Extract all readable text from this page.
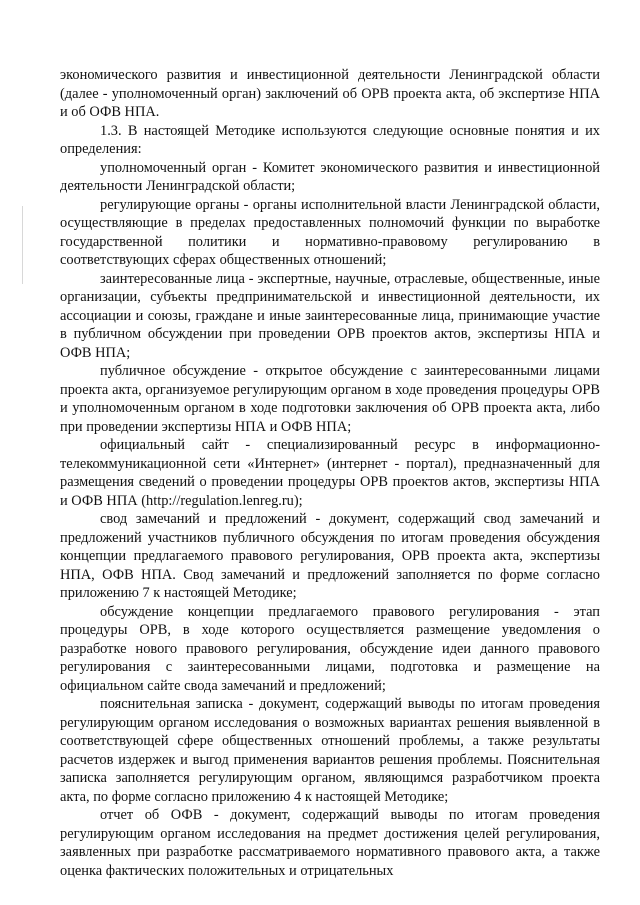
экономического развития и инвестиционной деятельности Ленинградской области (далее - уполномоченный орган) заключений об ОРВ проекта акта, об экспертизе НПА и об ОФВ НПА.

1.3. В настоящей Методике используются следующие основные понятия и их определения:

уполномоченный орган - Комитет экономического развития и инвестиционной деятельности Ленинградской области;

регулирующие органы - органы исполнительной власти Ленинградской области, осуществляющие в пределах предоставленных полномочий функции по выработке государственной политики и нормативно-правовому регулированию в соответствующих сферах общественных отношений;

заинтересованные лица - экспертные, научные, отраслевые, общественные, иные организации, субъекты предпринимательской и инвестиционной деятельности, их ассоциации и союзы, граждане и иные заинтересованные лица, принимающие участие в публичном обсуждении при проведении ОРВ проектов актов, экспертизы НПА и ОФВ НПА;

публичное обсуждение - открытое обсуждение с заинтересованными лицами проекта акта, организуемое регулирующим органом в ходе проведения процедуры ОРВ и уполномоченным органом в ходе подготовки заключения об ОРВ проекта акта, либо при проведении экспертизы НПА и ОФВ НПА;

официальный сайт - специализированный ресурс в информационно-телекоммуникационной сети «Интернет» (интернет - портал), предназначенный для размещения сведений о проведении процедуры ОРВ проектов актов, экспертизы НПА и ОФВ НПА (http://regulation.lenreg.ru);

свод замечаний и предложений - документ, содержащий свод замечаний и предложений участников публичного обсуждения по итогам проведения обсуждения концепции предлагаемого правового регулирования, ОРВ проекта акта, экспертизы НПА, ОФВ НПА. Свод замечаний и предложений заполняется по форме согласно приложению 7 к настоящей Методике;

обсуждение концепции предлагаемого правового регулирования - этап процедуры ОРВ, в ходе которого осуществляется размещение уведомления о разработке нового правового регулирования, обсуждение идеи данного правового регулирования с заинтересованными лицами, подготовка и размещение на официальном сайте свода замечаний и предложений;

пояснительная записка - документ, содержащий выводы по итогам проведения регулирующим органом исследования о возможных вариантах решения выявленной в соответствующей сфере общественных отношений проблемы, а также результаты расчетов издержек и выгод применения вариантов решения проблемы. Пояснительная записка заполняется регулирующим органом, являющимся разработчиком проекта акта, по форме согласно приложению 4 к настоящей Методике;

отчет об ОФВ - документ, содержащий выводы по итогам проведения регулирующим органом исследования на предмет достижения целей регулирования, заявленных при разработке рассматриваемого нормативного правового акта, а также оценка фактических положительных и отрицательных
